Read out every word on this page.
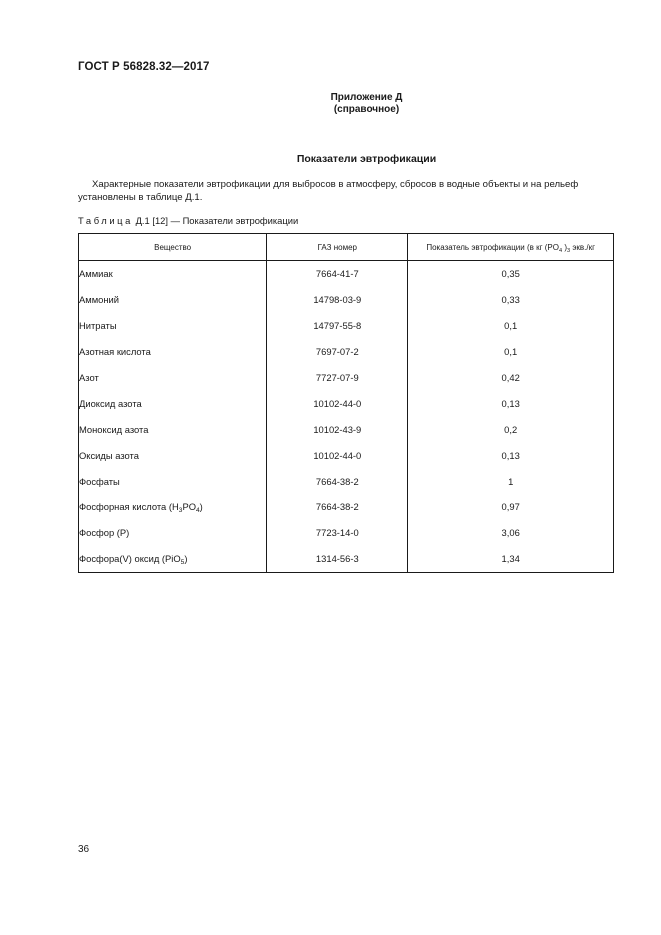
ГОСТ Р 56828.32—2017
Приложение Д
(справочное)
Показатели эвтрофикации
Характерные показатели эвтрофикации для выбросов в атмосферу, сбросов в водные объекты и на рельеф установлены в таблице Д.1.
Таблица Д.1 [12] — Показатели эвтрофикации
Вещество	ГАЗ номер	Показатель эвтрофикации (в кг ($PO_4$ )$_3$ экв./кг
Аммиак	7664-41-7	0,35
Аммоний	14798-03-9	0,33
Нитраты	14797-55-8	0,1
Азотная кислота	7697-07-2	0,1
Азот	7727-07-9	0,42
Диоксид азота	10102-44-0	0,13
Моноксид азота	10102-43-9	0,2
Оксиды азота	10102-44-0	0,13
Фосфаты	7664-38-2	1
Фосфорная кислота $(H_3PO_4)$	7664-38-2	0,97
Фосфор (P)	7723-14-0	3,06
Фосфора(V) оксид (PiO$_5$)	1314-56-3	1,34
36
